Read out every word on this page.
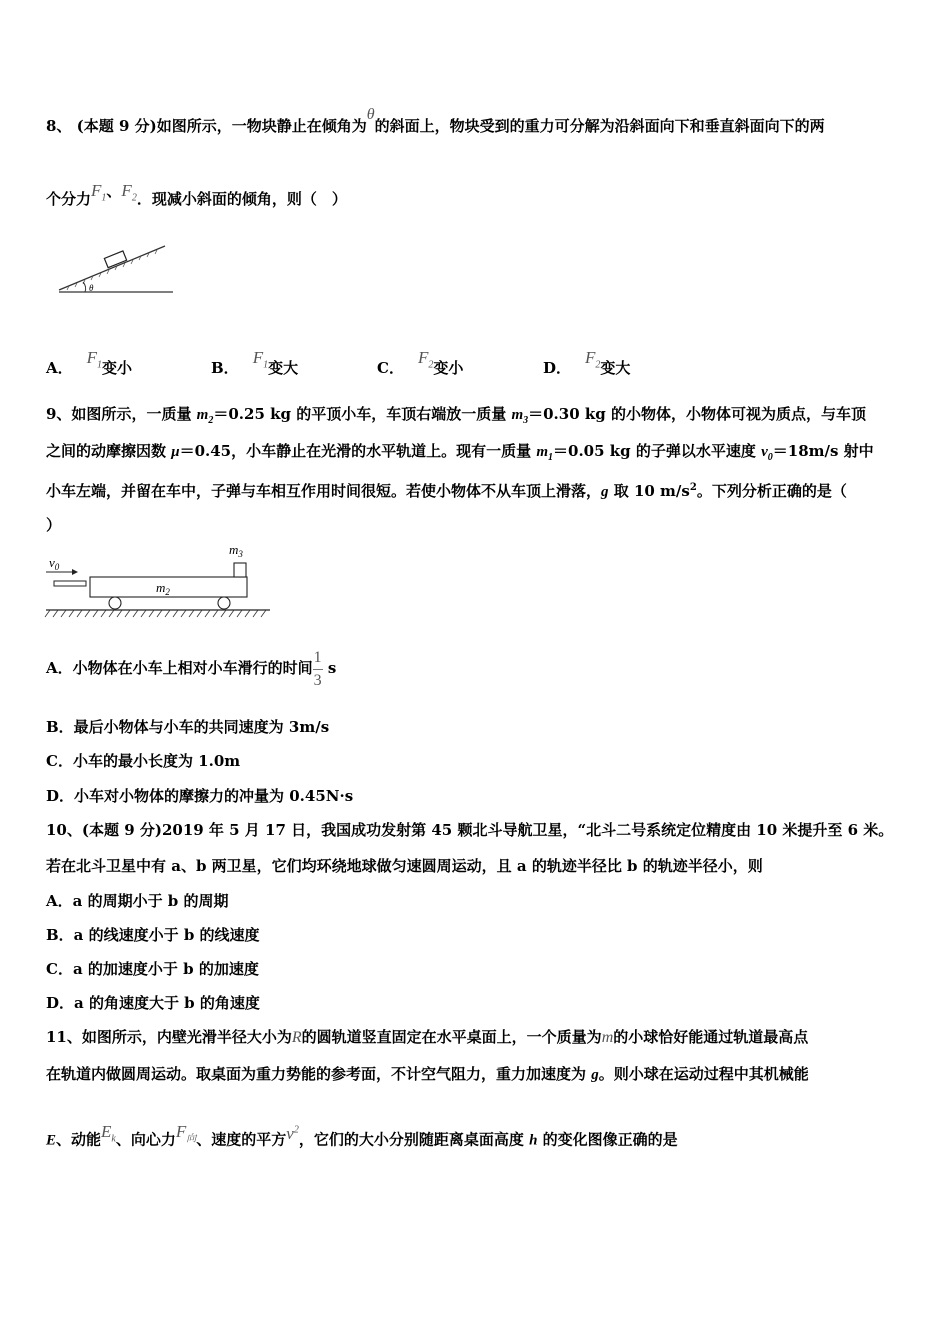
8、 (本题 9 分)如图所示，一物块静止在倾角为θ的斜面上，物块受到的重力可分解为沿斜面向下和垂直斜面向下的两
个分力$F_1$、$F_2$．现减小斜面的倾角，则（　）
θ
A．$F_1$变小	B．$F_1$变大	C．$F_2$变小	D．$F_2$变大
9、如图所示，一质量 $m_2=0.25$ kg 的平顶小车，车顶右端放一质量 $m_3=0.30$ kg 的小物体，小物体可视为质点，与车顶
之间的动摩擦因数 μ＝0.45，小车静止在光滑的水平轨道上。现有一质量 $m_1=0.05$ kg 的子弹以水平速度 $v_0=18m/s$ 射中
小车左端，并留在车中，子弹与车相互作用时间很短。若使小物体不从车顶上滑落，g 取 10 $m/s^2$。下列分析正确的是（
）
$v_0$
$m_2$
$m_3$
A．小物体在小车上相对小车滑行的时间 $\frac{1}{3}$ s
B．最后小物体与小车的共同速度为 3m/s
C．小车的最小长度为 1.0m
D．小车对小物体的摩擦力的冲量为 0.45N·s
10、(本题 9 分)2019 年 5 月 17 日，我国成功发射第 45 颗北斗导航卫星，“北斗二号系统定位精度由 10 米提升至 6 米。
若在北斗卫星中有 a、b 两卫星，它们均环绕地球做匀速圆周运动，且 a 的轨迹半径比 b 的轨迹半径小，则
A．a 的周期小于 b 的周期
B．a 的线速度小于 b 的线速度
C．a 的加速度小于 b 的加速度
D．a 的角速度大于 b 的角速度
11、如图所示，内壁光滑半径大小为R的圆轨道竖直固定在水平桌面上，一个质量为m的小球恰好能通过轨道最高点
在轨道内做圆周运动。取桌面为重力势能的参考面，不计空气阻力，重力加速度为 g。则小球在运动过程中其机械能
E、动能$E_k$、向心力$F_向$、速度的平方$v^2$，它们的大小分别随距离桌面高度 h 的变化图像正确的是
